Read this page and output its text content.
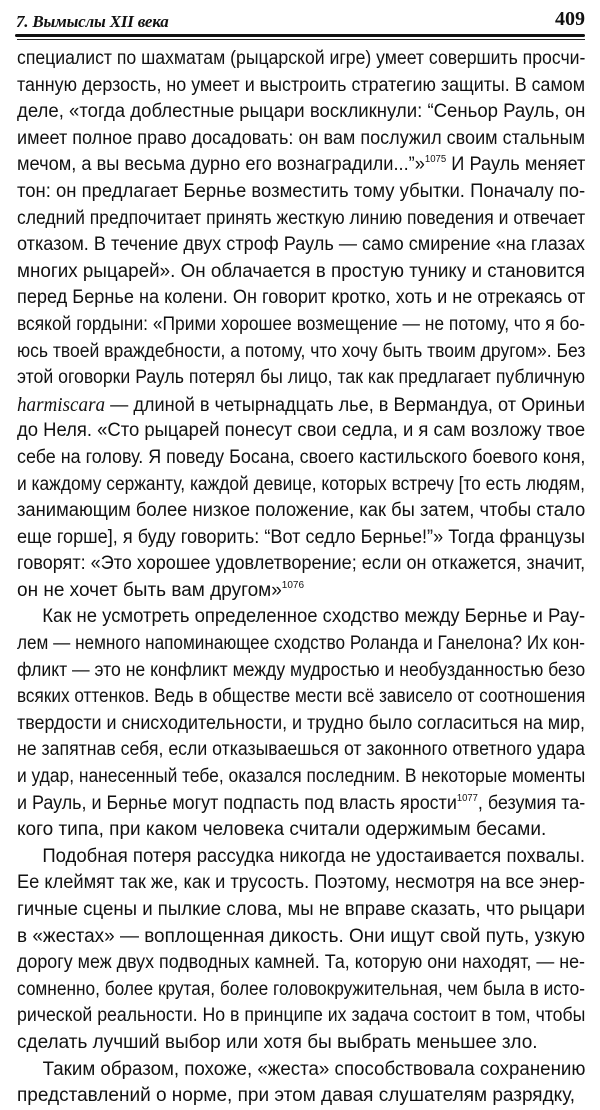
7. Вымыслы XII века	409
специалист по шахматам (рыцарской игре) умеет совершить просчи-
танную дерзость, но умеет и выстроить стратегию защиты. В самом
деле, «тогда доблестные рыцари воскликнули: “Сеньор Рауль, он
имеет полное право досадовать: он вам послужил своим стальным
мечом, а вы весьма дурно его вознаградили...”»$^{1075}$ И Рауль меняет
тон: он предлагает Бернье возместить тому убытки. Поначалу по-
следний предпочитает принять жесткую линию поведения и отвечает
отказом. В течение двух строф Рауль — само смирение «на глазах
многих рыцарей». Он облачается в простую тунику и становится
перед Бернье на колени. Он говорит кротко, хоть и не отрекаясь от
всякой гордыни: «Прими хорошее возмещение — не потому, что я бо-
юсь твоей враждебности, а потому, что хочу быть твоим другом». Без
этой оговорки Рауль потерял бы лицо, так как предлагает публичную
harmiscara — длиной в четырнадцать лье, в Вермандуа, от Ориньи
до Неля. «Сто рыцарей понесут свои седла, и я сам возложу твое
себе на голову. Я поведу Босана, своего кастильского боевого коня,
и каждому сержанту, каждой девице, которых встречу [то есть людям,
занимающим более низкое положение, как бы затем, чтобы стало
еще горше], я буду говорить: “Вот седло Бернье!”» Тогда французы
говорят: «Это хорошее удовлетворение; если он откажется, значит,
он не хочет быть вам другом»$^{1076}$
Как не усмотреть определенное сходство между Бернье и Рау-
лем — немного напоминающее сходство Роланда и Ганелона? Их кон-
фликт — это не конфликт между мудростью и необузданностью безо
всяких оттенков. Ведь в обществе мести всё зависело от соотношения
твердости и снисходительности, и трудно было согласиться на мир,
не запятнав себя, если отказываешься от законного ответного удара
и удар, нанесенный тебе, оказался последним. В некоторые моменты
и Рауль, и Бернье могут подпасть под власть ярости$^{1077}$, безумия та-
кого типа, при каком человека считали одержимым бесами.
Подобная потеря рассудка никогда не удостаивается похвалы.
Ее клеймят так же, как и трусость. Поэтому, несмотря на все энер-
гичные сцены и пылкие слова, мы не вправе сказать, что рыцари
в «жестах» — воплощенная дикость. Они ищут свой путь, узкую
дорогу меж двух подводных камней. Та, которую они находят, — не-
сомненно, более крутая, более головокружительная, чем была в исто-
рической реальности. Но в принципе их задача состоит в том, чтобы
сделать лучший выбор или хотя бы выбрать меньшее зло.
Таким образом, похоже, «жеста» способствовала сохранению
представлений о норме, при этом давая слушателям разрядку,
